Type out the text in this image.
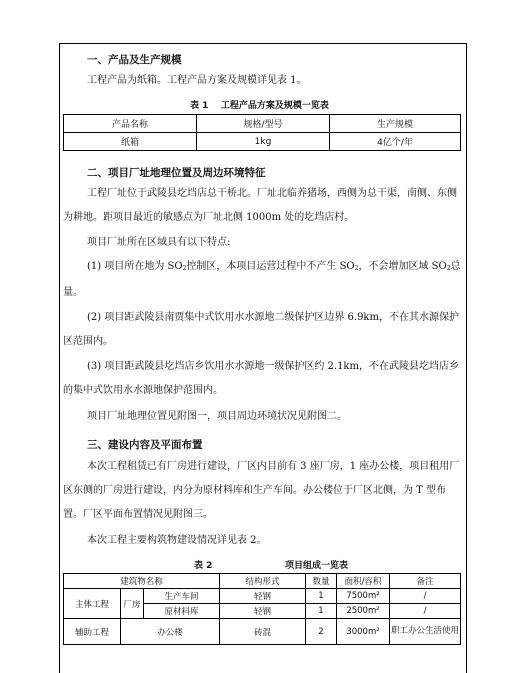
一、产品及生产规模
工程产品为纸箱。工程产品方案及规模详见表 1。
表 1    工程产品方案及规模一览表
产品名称	规格/型号	生产规模
纸箱	1kg	4亿个/年
二、项目厂址地理位置及周边环境特征
工程厂址位于武陵县圪垱店总干桥北。厂址北临养猪场，西侧为总干渠，南侧、东侧为耕地。距项目最近的敏感点为厂址北侧 1000m 处的圪垱店村。
项目厂址所在区域具有以下特点:
(1) 项目所在地为 $SO_2$控制区，本项目运营过程中不产生 $SO_2$，不会增加区域 $SO_2$总量。
(2) 项目距武陵县南贾集中式饮用水水源地二级保护区边界 6.9km，不在其水源保护区范围内。
(3) 项目距武陵县圪垱店乡饮用水水源地一级保护区约 2.1km，不在武陵县圪垱店乡的集中式饮用水水源地保护范围内。
项目厂址地理位置见附图一，项目周边环境状况见附图二。
三、建设内容及平面布置
本次工程租赁已有厂房进行建设，厂区内目前有 3 座厂房，1 座办公楼，项目租用厂区东侧的厂房进行建设，内分为原材料库和生产车间。办公楼位于厂区北侧，为 T 型布置。厂区平面布置情况见附图三。
本次工程主要构筑物建设情况详见表 2。
表 2	项目组成一览表
建筑物名称			结构形式	数量	面积/容积	备注
主体工程	厂房	生产车间	轻钢	1	7500m²	/
		原材料库	轻钢	1	2500m²	/
辅助工程	办公楼		砖混	2	3000m²	职工办公生活使用
